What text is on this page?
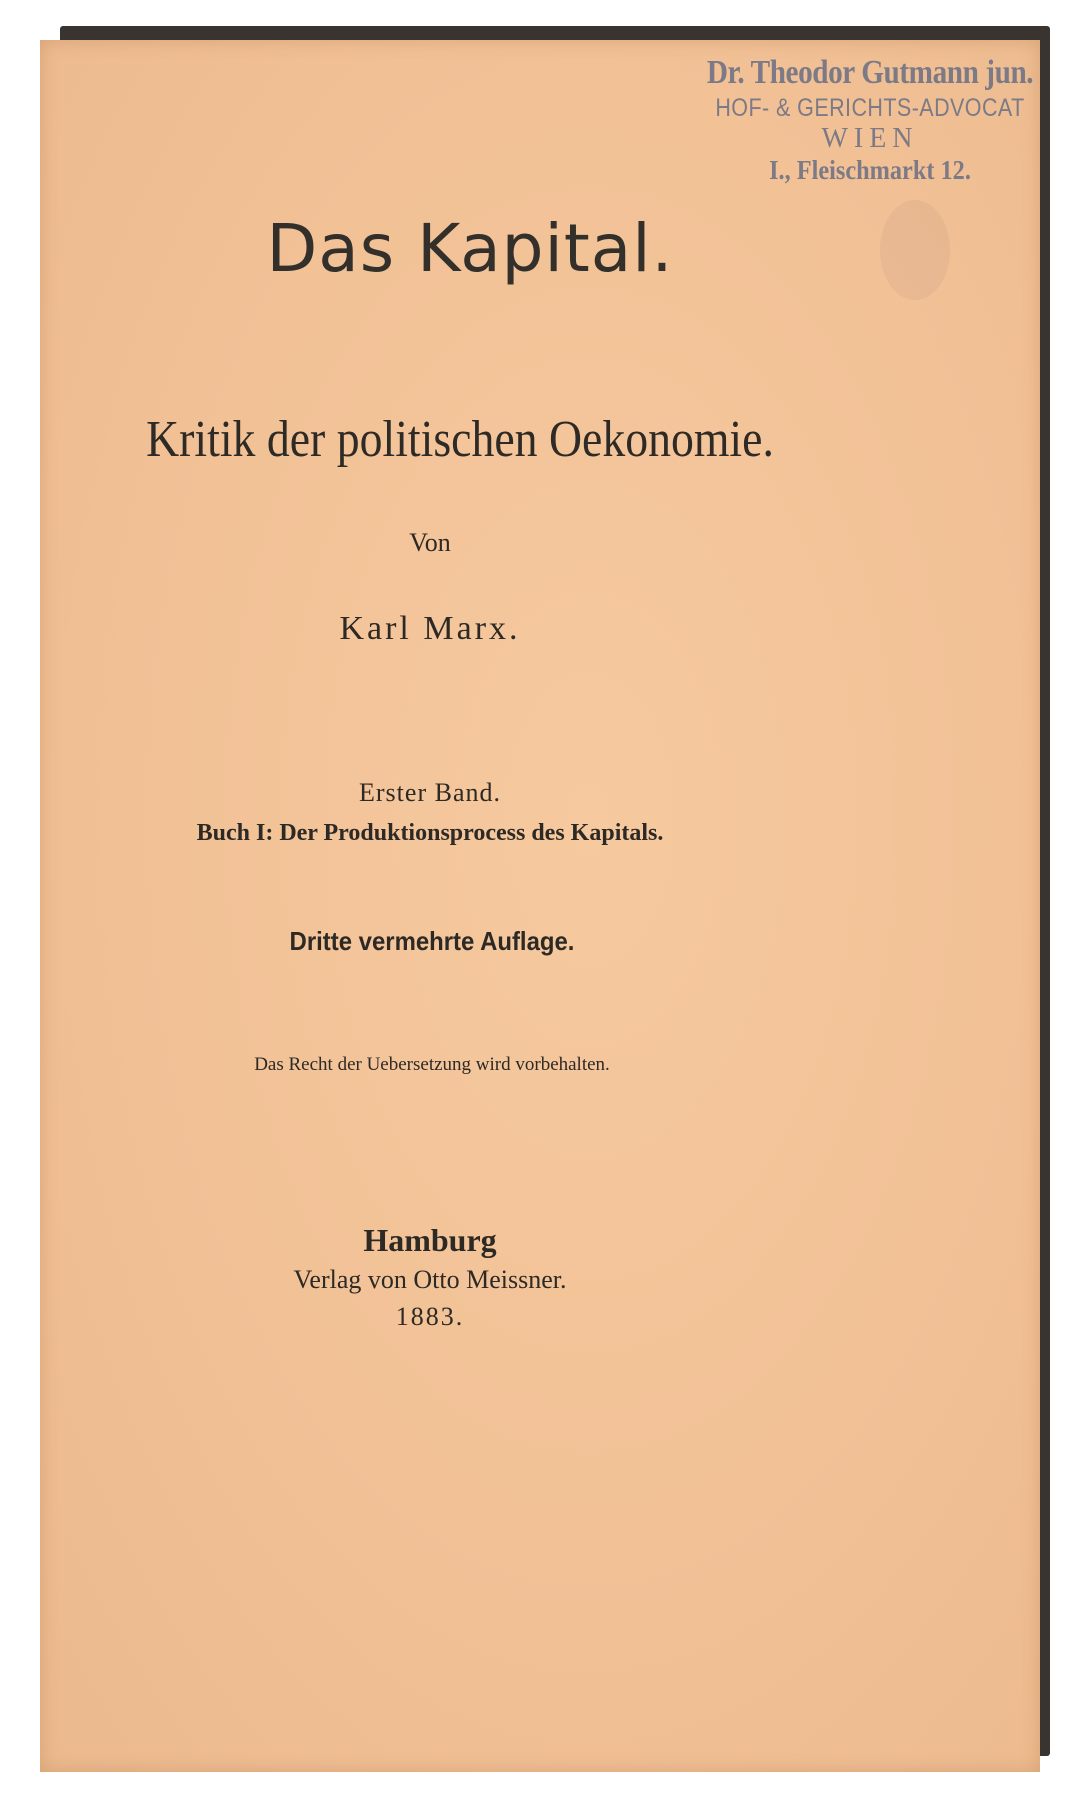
Dr. Theodor Gutmann jun.
HOF- & GERICHTS-ADVOCAT
WIEN
I., Fleischmarkt 12.
Das Kapital.
Kritik der politischen Oekonomie.
Von
Karl Marx.
Erster Band.
Buch I: Der Produktionsprocess des Kapitals.
Dritte vermehrte Auflage.
Das Recht der Uebersetzung wird vorbehalten.
Hamburg
Verlag von Otto Meissner.
1883.
